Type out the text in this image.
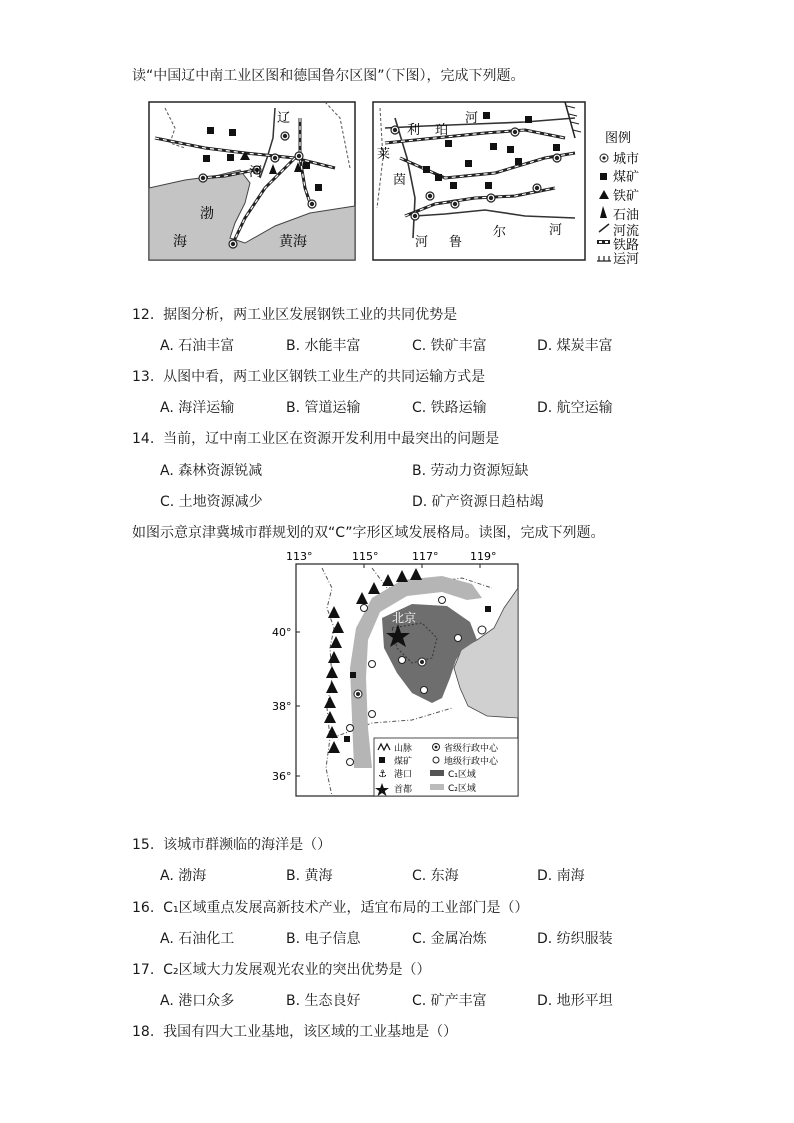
读“中国辽中南工业区图和德国鲁尔区图”（下图），完成下列题。
辽
河
渤
海	黄海
利 珀
河
莱
茵
河 鲁
尔	河
图例
城市
煤矿
铁矿
石油
河流
铁路
运河
12. 据图分析，两工业区发展钢铁工业的共同优势是
A. 石油丰富	B. 水能丰富	C. 铁矿丰富	D. 煤炭丰富
13. 从图中看，两工业区钢铁工业生产的共同运输方式是
A. 海洋运输	B. 管道运输	C. 铁路运输	D. 航空运输
14. 当前，辽中南工业区在资源开发利用中最突出的问题是
A. 森林资源锐减	B. 劳动力资源短缺
C. 土地资源减少	D. 矿产资源日趋枯竭
如图示意京津冀城市群规划的双“C”字形区域发展格局。读图，完成下列题。
113°	115°	117°	119°
40°
38°
36°
北京
山脉	省级行政中心
煤矿	地级行政中心
⚓ 港口	C₁区域
首都	C₂区域
15. 该城市群濒临的海洋是（）
A. 渤海	B. 黄海	C. 东海	D. 南海
16. C₁区域重点发展高新技术产业，适宜布局的工业部门是（）
A. 石油化工	B. 电子信息	C. 金属冶炼	D. 纺织服装
17. C₂区域大力发展观光农业的突出优势是（）
A. 港口众多	B. 生态良好	C. 矿产丰富	D. 地形平坦
18. 我国有四大工业基地，该区域的工业基地是（）
